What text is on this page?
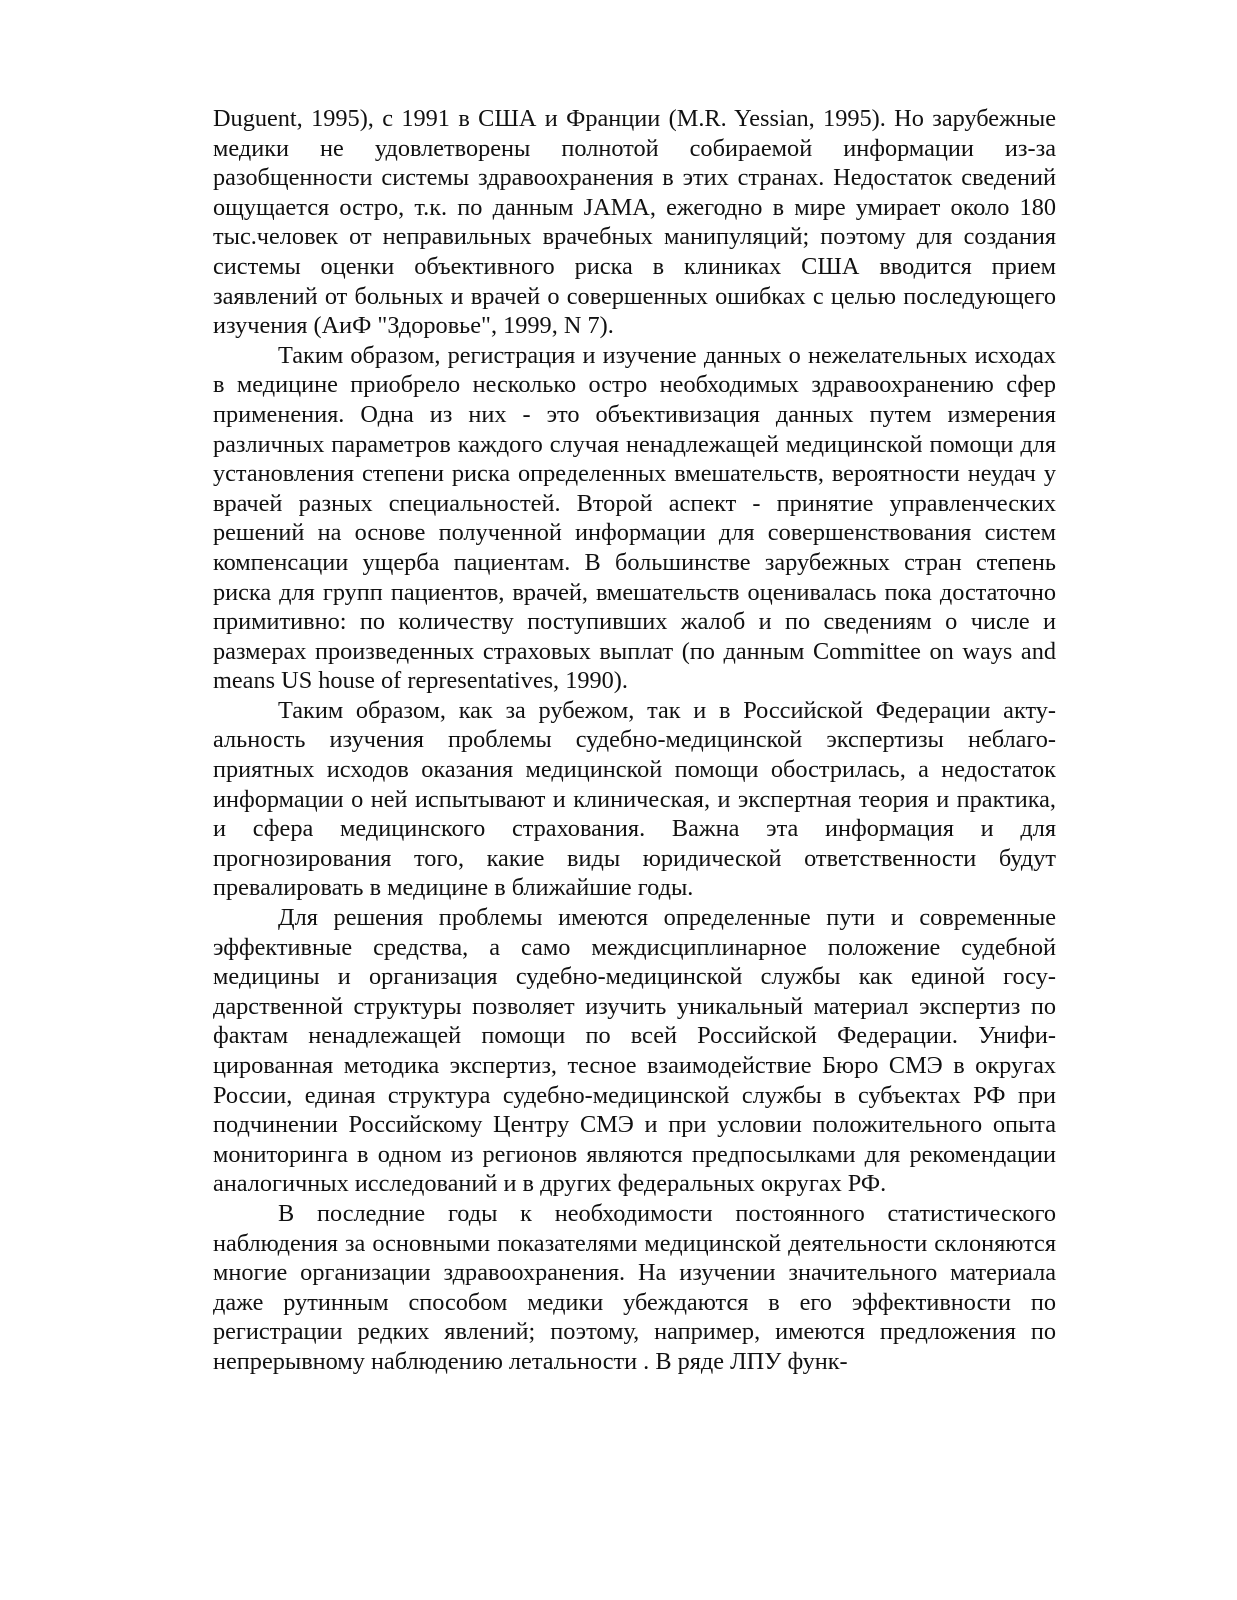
Duguent, 1995), с 1991 в США и Франции (M.R. Yessian, 1995). Но зарубежные медики не удовлетворены полнотой собираемой информации из-за разобщенности системы здравоохранения в этих странах. Недостаток сведений ощущается остро, т.к. по данным JAMA, ежегодно в мире умирает около 180 тыс.человек от неправильных врачебных манипуляций; поэтому для создания системы оценки объективного риска в клиниках США вводится прием заявлений от больных и врачей о совершенных ошибках с целью последующего изучения (АиФ "Здоровье", 1999, N 7).

Таким образом, регистрация и изучение данных о нежелательных исходах в медицине приобрело несколько остро необходимых здравоохранению сфер применения. Одна из них - это объективизация данных путем измерения различных параметров каждого случая ненадлежащей медицинской помощи для установления степени риска определенных вмешательств, вероятности неудач у врачей разных специальностей. Второй аспект - принятие управленческих решений на основе полученной информации для совершенствования систем компенсации ущерба пациентам. В большинстве зарубежных стран степень риска для групп пациентов, врачей, вмешательств оценивалась пока достаточно примитивно: по количеству поступивших жалоб и по сведениям о числе и размерах произведенных страховых выплат (по данным Committee on ways and means US house of representatives, 1990).

Таким образом, как за рубежом, так и в Российской Федерации актуальность изучения проблемы судебно-медицинской экспертизы неблагоприятных исходов оказания медицинской помощи обострилась, а недостаток информации о ней испытывают и клиническая, и экспертная теория и практика, и сфера медицинского страхования. Важна эта информация и для прогнозирования того, какие виды юридической ответственности будут превалировать в медицине в ближайшие годы.

Для решения проблемы имеются определенные пути и современные эффективные средства, а само междисциплинарное положение судебной медицины и организация судебно-медицинской службы как единой государственной структуры позволяет изучить уникальный материал экспертиз по фактам ненадлежащей помощи по всей Российской Федерации. Унифицированная методика экспертиз, тесное взаимодействие Бюро СМЭ в округах России, единая структура судебно-медицинской службы в субъектах РФ при подчинении Российскому Центру СМЭ и при условии положительного опыта мониторинга в одном из регионов являются предпосылками для рекомендации аналогичных исследований и в других федеральных округах РФ.

В последние годы к необходимости постоянного статистического наблюдения за основными показателями медицинской деятельности склоняются многие организации здравоохранения. На изучении значительного материала даже рутинным способом медики убеждаются в его эффективности по регистрации редких явлений; поэтому, например, имеются предложения по непрерывному наблюдению летальности . В ряде ЛПУ функ-
